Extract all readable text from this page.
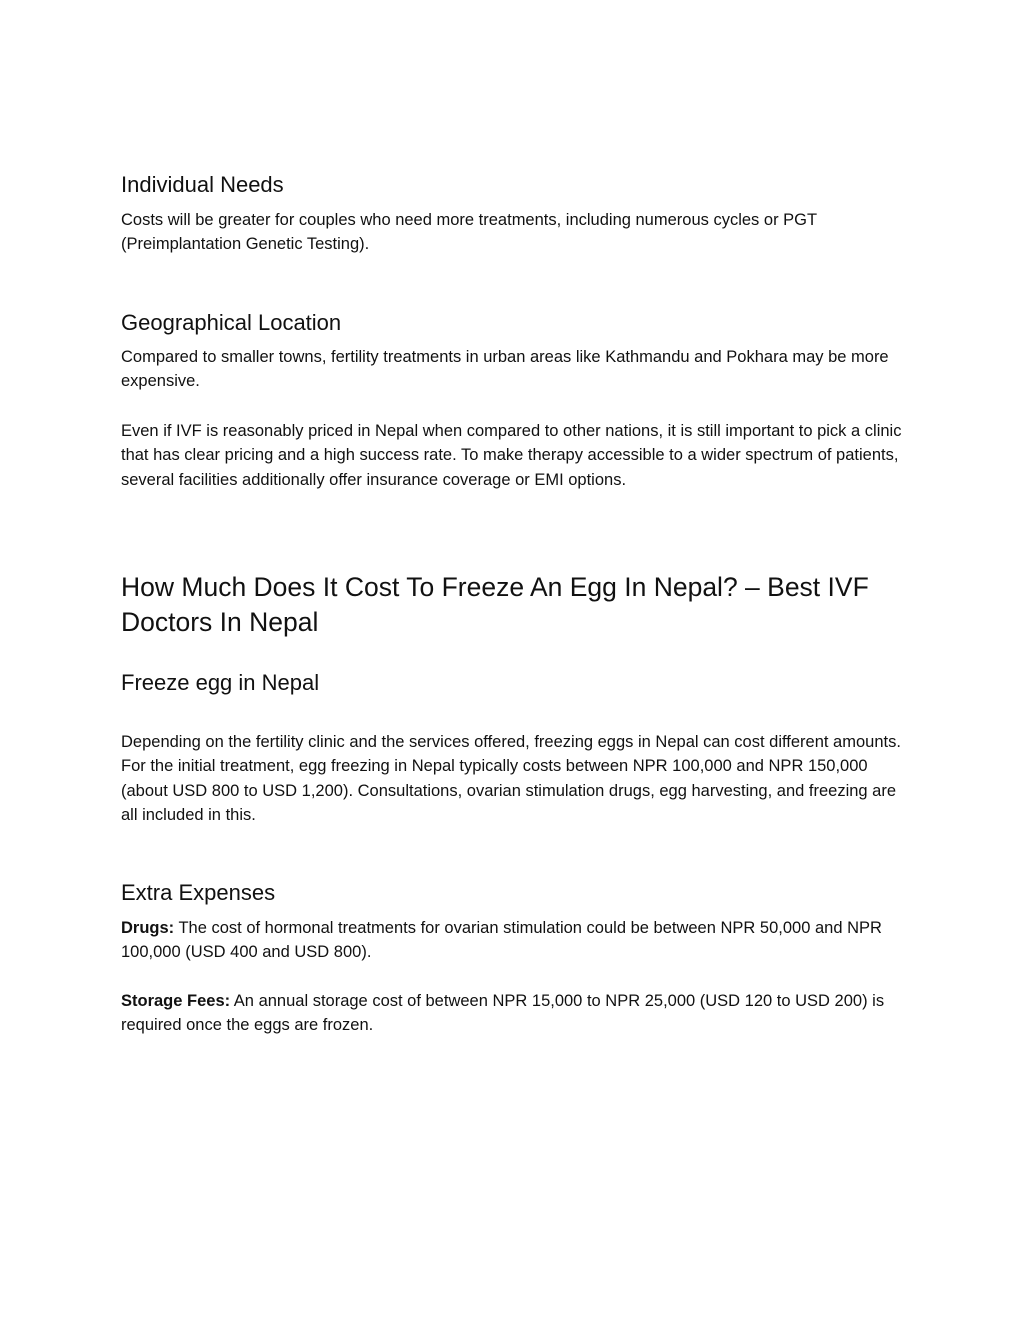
Individual Needs

Costs will be greater for couples who need more treatments, including numerous cycles or PGT (Preimplantation Genetic Testing).

Geographical Location

Compared to smaller towns, fertility treatments in urban areas like Kathmandu and Pokhara may be more expensive.

Even if IVF is reasonably priced in Nepal when compared to other nations, it is still important to pick a clinic that has clear pricing and a high success rate. To make therapy accessible to a wider spectrum of patients, several facilities additionally offer insurance coverage or EMI options.

How Much Does It Cost To Freeze An Egg In Nepal? – Best IVF Doctors In Nepal
Freeze egg in Nepal

Depending on the fertility clinic and the services offered, freezing eggs in Nepal can cost different amounts. For the initial treatment, egg freezing in Nepal typically costs between NPR 100,000 and NPR 150,000 (about USD 800 to USD 1,200). Consultations, ovarian stimulation drugs, egg harvesting, and freezing are all included in this.

Extra Expenses

Drugs: The cost of hormonal treatments for ovarian stimulation could be between NPR 50,000 and NPR 100,000 (USD 400 and USD 800).

Storage Fees: An annual storage cost of between NPR 15,000 to NPR 25,000 (USD 120 to USD 200) is required once the eggs are frozen.
